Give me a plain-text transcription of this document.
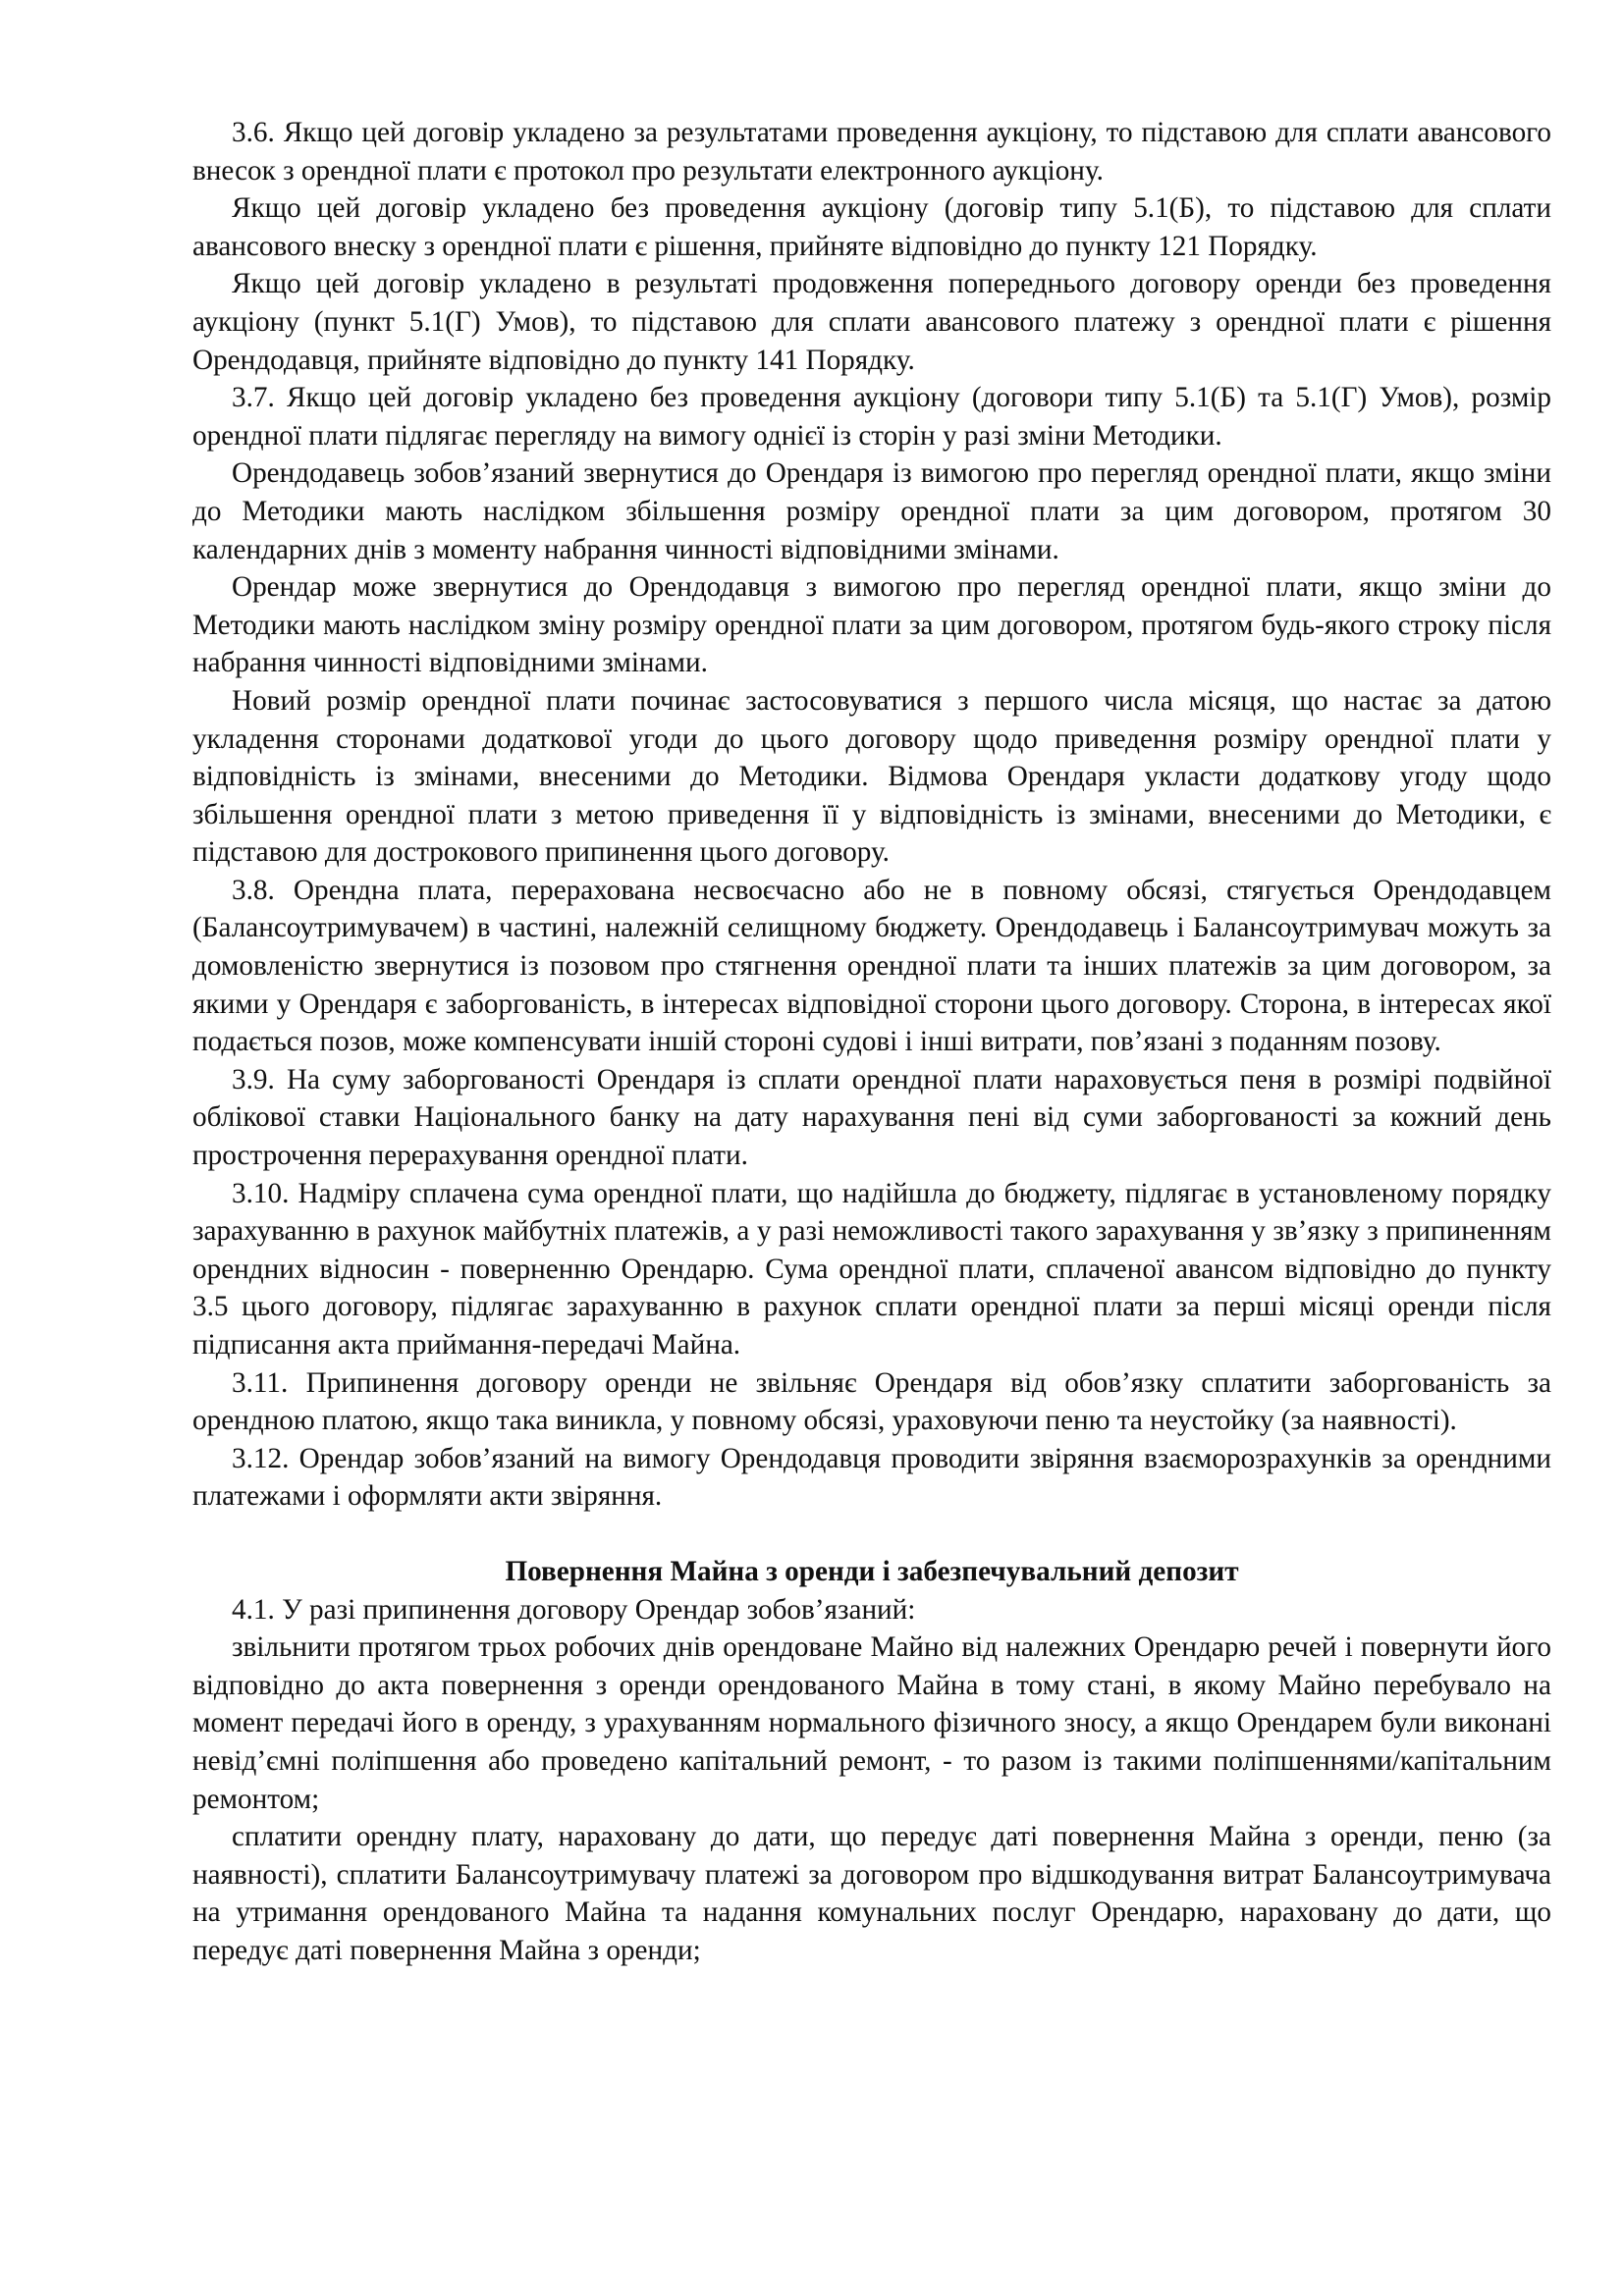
3.6. Якщо цей договір укладено за результатами проведення аукціону, то підставою для сплати авансового внесок з орендної плати є протокол про результати електронного аукціону.

Якщо цей договір укладено без проведення аукціону (договір типу 5.1(Б), то підставою для сплати авансового внеску з орендної плати є рішення, прийняте відповідно до пункту 121 Порядку.

Якщо цей договір укладено в результаті продовження попереднього договору оренди без проведення аукціону (пункт 5.1(Г) Умов), то підставою для сплати авансового платежу з орендної плати є рішення Орендодавця, прийняте відповідно до пункту 141 Порядку.

3.7. Якщо цей договір укладено без проведення аукціону (договори типу 5.1(Б) та 5.1(Г) Умов), розмір орендної плати підлягає перегляду на вимогу однієї із сторін у разі зміни Методики.

Орендодавець зобов’язаний звернутися до Орендаря із вимогою про перегляд орендної плати, якщо зміни до Методики мають наслідком збільшення розміру орендної плати за цим договором, протягом 30 календарних днів з моменту набрання чинності відповідними змінами.

Орендар може звернутися до Орендодавця з вимогою про перегляд орендної плати, якщо зміни до Методики мають наслідком зміну розміру орендної плати за цим договором, протягом будь-якого строку після набрання чинності відповідними змінами.

Новий розмір орендної плати починає застосовуватися з першого числа місяця, що настає за датою укладення сторонами додаткової угоди до цього договору щодо приведення розміру орендної плати у відповідність із змінами, внесеними до Методики. Відмова Орендаря укласти додаткову угоду щодо збільшення орендної плати з метою приведення її у відповідність із змінами, внесеними до Методики, є підставою для дострокового припинення цього договору.

3.8. Орендна плата, перерахована несвоєчасно або не в повному обсязі, стягується Орендодавцем (Балансоутримувачем) в частині, належній селищному бюджету. Орендодавець і Балансоутримувач можуть за домовленістю звернутися із позовом про стягнення орендної плати та інших платежів за цим договором, за якими у Орендаря є заборгованість, в інтересах відповідної сторони цього договору. Сторона, в інтересах якої подається позов, може компенсувати іншій стороні судові і інші витрати, пов’язані з поданням позову.

3.9. На суму заборгованості Орендаря із сплати орендної плати нараховується пеня в розмірі подвійної облікової ставки Національного банку на дату нарахування пені від суми заборгованості за кожний день прострочення перерахування орендної плати.

3.10. Надміру сплачена сума орендної плати, що надійшла до бюджету, підлягає в установленому порядку зарахуванню в рахунок майбутніх платежів, а у разі неможливості такого зарахування у зв’язку з припиненням орендних відносин - поверненню Орендарю. Сума орендної плати, сплаченої авансом відповідно до пункту 3.5 цього договору, підлягає зарахуванню в рахунок сплати орендної плати за перші місяці оренди після підписання акта приймання-передачі Майна.

3.11. Припинення договору оренди не звільняє Орендаря від обов’язку сплатити заборгованість за орендною платою, якщо така виникла, у повному обсязі, ураховуючи пеню та неустойку (за наявності).

3.12. Орендар зобов’язаний на вимогу Орендодавця проводити звіряння взаєморозрахунків за орендними платежами і оформляти акти звіряння.

Повернення Майна з оренди і забезпечувальний депозит

4.1. У разі припинення договору Орендар зобов’язаний:

звільнити протягом трьох робочих днів орендоване Майно від належних Орендарю речей і повернути його відповідно до акта повернення з оренди орендованого Майна в тому стані, в якому Майно перебувало на момент передачі його в оренду, з урахуванням нормального фізичного зносу, а якщо Орендарем були виконані невід’ємні поліпшення або проведено капітальний ремонт, - то разом із такими поліпшеннями/капітальним ремонтом;

сплатити орендну плату, нараховану до дати, що передує даті повернення Майна з оренди, пеню (за наявності), сплатити Балансоутримувачу платежі за договором про відшкодування витрат Балансоутримувача на утримання орендованого Майна та надання комунальних послуг Орендарю, нараховану до дати, що передує даті повернення Майна з оренди;
